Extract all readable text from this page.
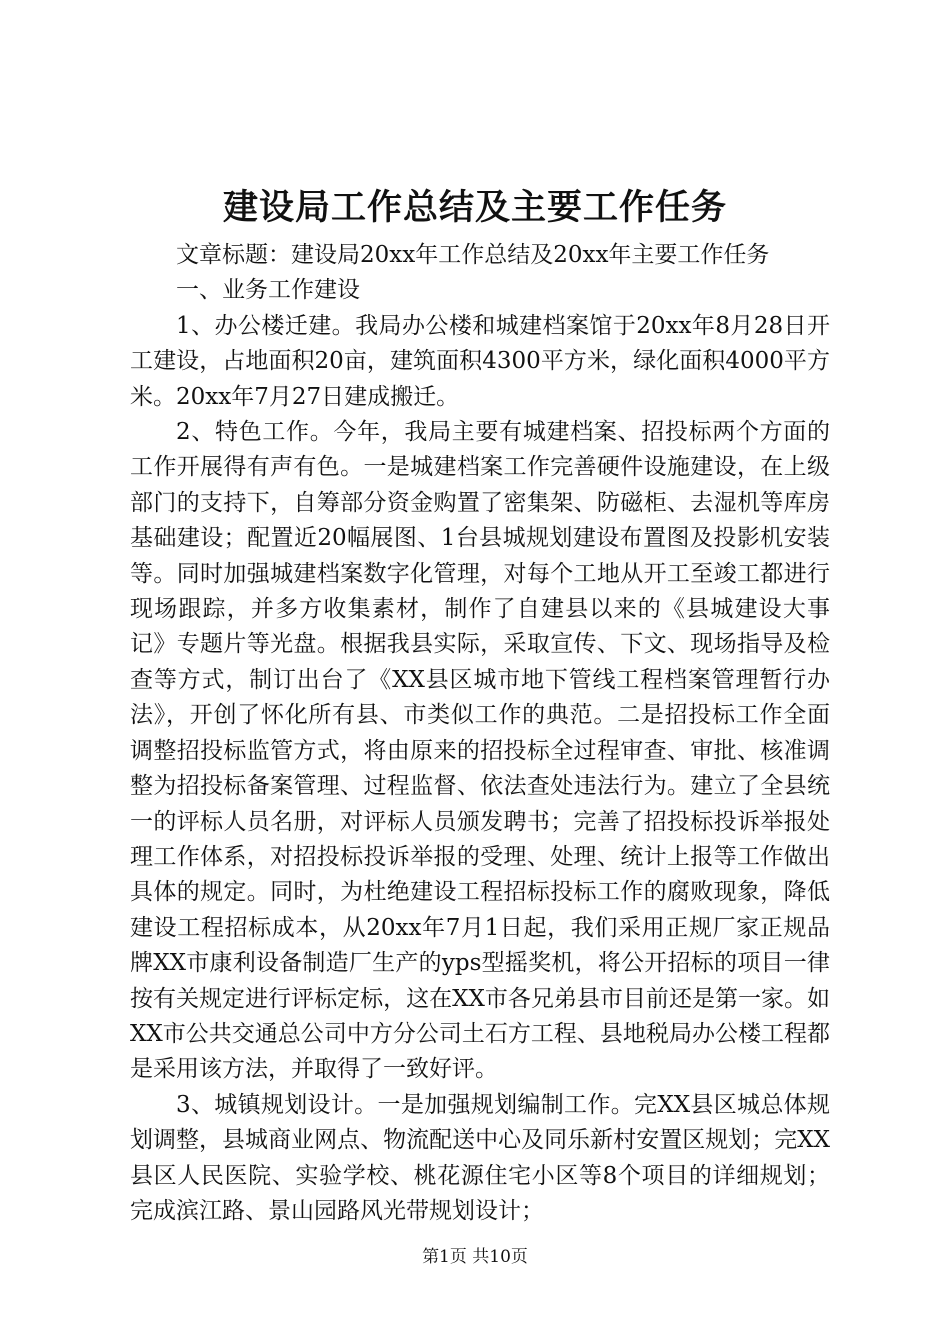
建设局工作总结及主要工作任务

文章标题：建设局20xx年工作总结及20xx年主要工作任务

一、业务工作建设

1、办公楼迁建。我局办公楼和城建档案馆于20xx年8月28日开工建设，占地面积20亩，建筑面积4300平方米，绿化面积4000平方米。20xx年7月27日建成搬迁。

2、特色工作。今年，我局主要有城建档案、招投标两个方面的工作开展得有声有色。一是城建档案工作完善硬件设施建设，在上级部门的支持下，自筹部分资金购置了密集架、防磁柜、去湿机等库房基础建设；配置近20幅展图、1台县城规划建设布置图及投影机安装等。同时加强城建档案数字化管理，对每个工地从开工至竣工都进行现场跟踪，并多方收集素材，制作了自建县以来的《县城建设大事记》专题片等光盘。根据我县实际，采取宣传、下文、现场指导及检查等方式，制订出台了《XX县区城市地下管线工程档案管理暂行办法》，开创了怀化所有县、市类似工作的典范。二是招投标工作全面调整招投标监管方式，将由原来的招投标全过程审查、审批、核准调整为招投标备案管理、过程监督、依法查处违法行为。建立了全县统一的评标人员名册，对评标人员颁发聘书；完善了招投标投诉举报处理工作体系，对招投标投诉举报的受理、处理、统计上报等工作做出具体的规定。同时，为杜绝建设工程招标投标工作的腐败现象，降低建设工程招标成本，从20xx年7月1日起，我们采用正规厂家正规品牌XX市康利设备制造厂生产的yps型摇奖机，将公开招标的项目一律按有关规定进行评标定标，这在XX市各兄弟县市目前还是第一家。如XX市公共交通总公司中方分公司土石方工程、县地税局办公楼工程都是采用该方法，并取得了一致好评。

3、城镇规划设计。一是加强规划编制工作。完XX县区城总体规划调整，县城商业网点、物流配送中心及同乐新村安置区规划；完XX县区人民医院、实验学校、桃花源住宅小区等8个项目的详细规划；完成滨江路、景山园路风光带规划设计；

第1页 共10页
